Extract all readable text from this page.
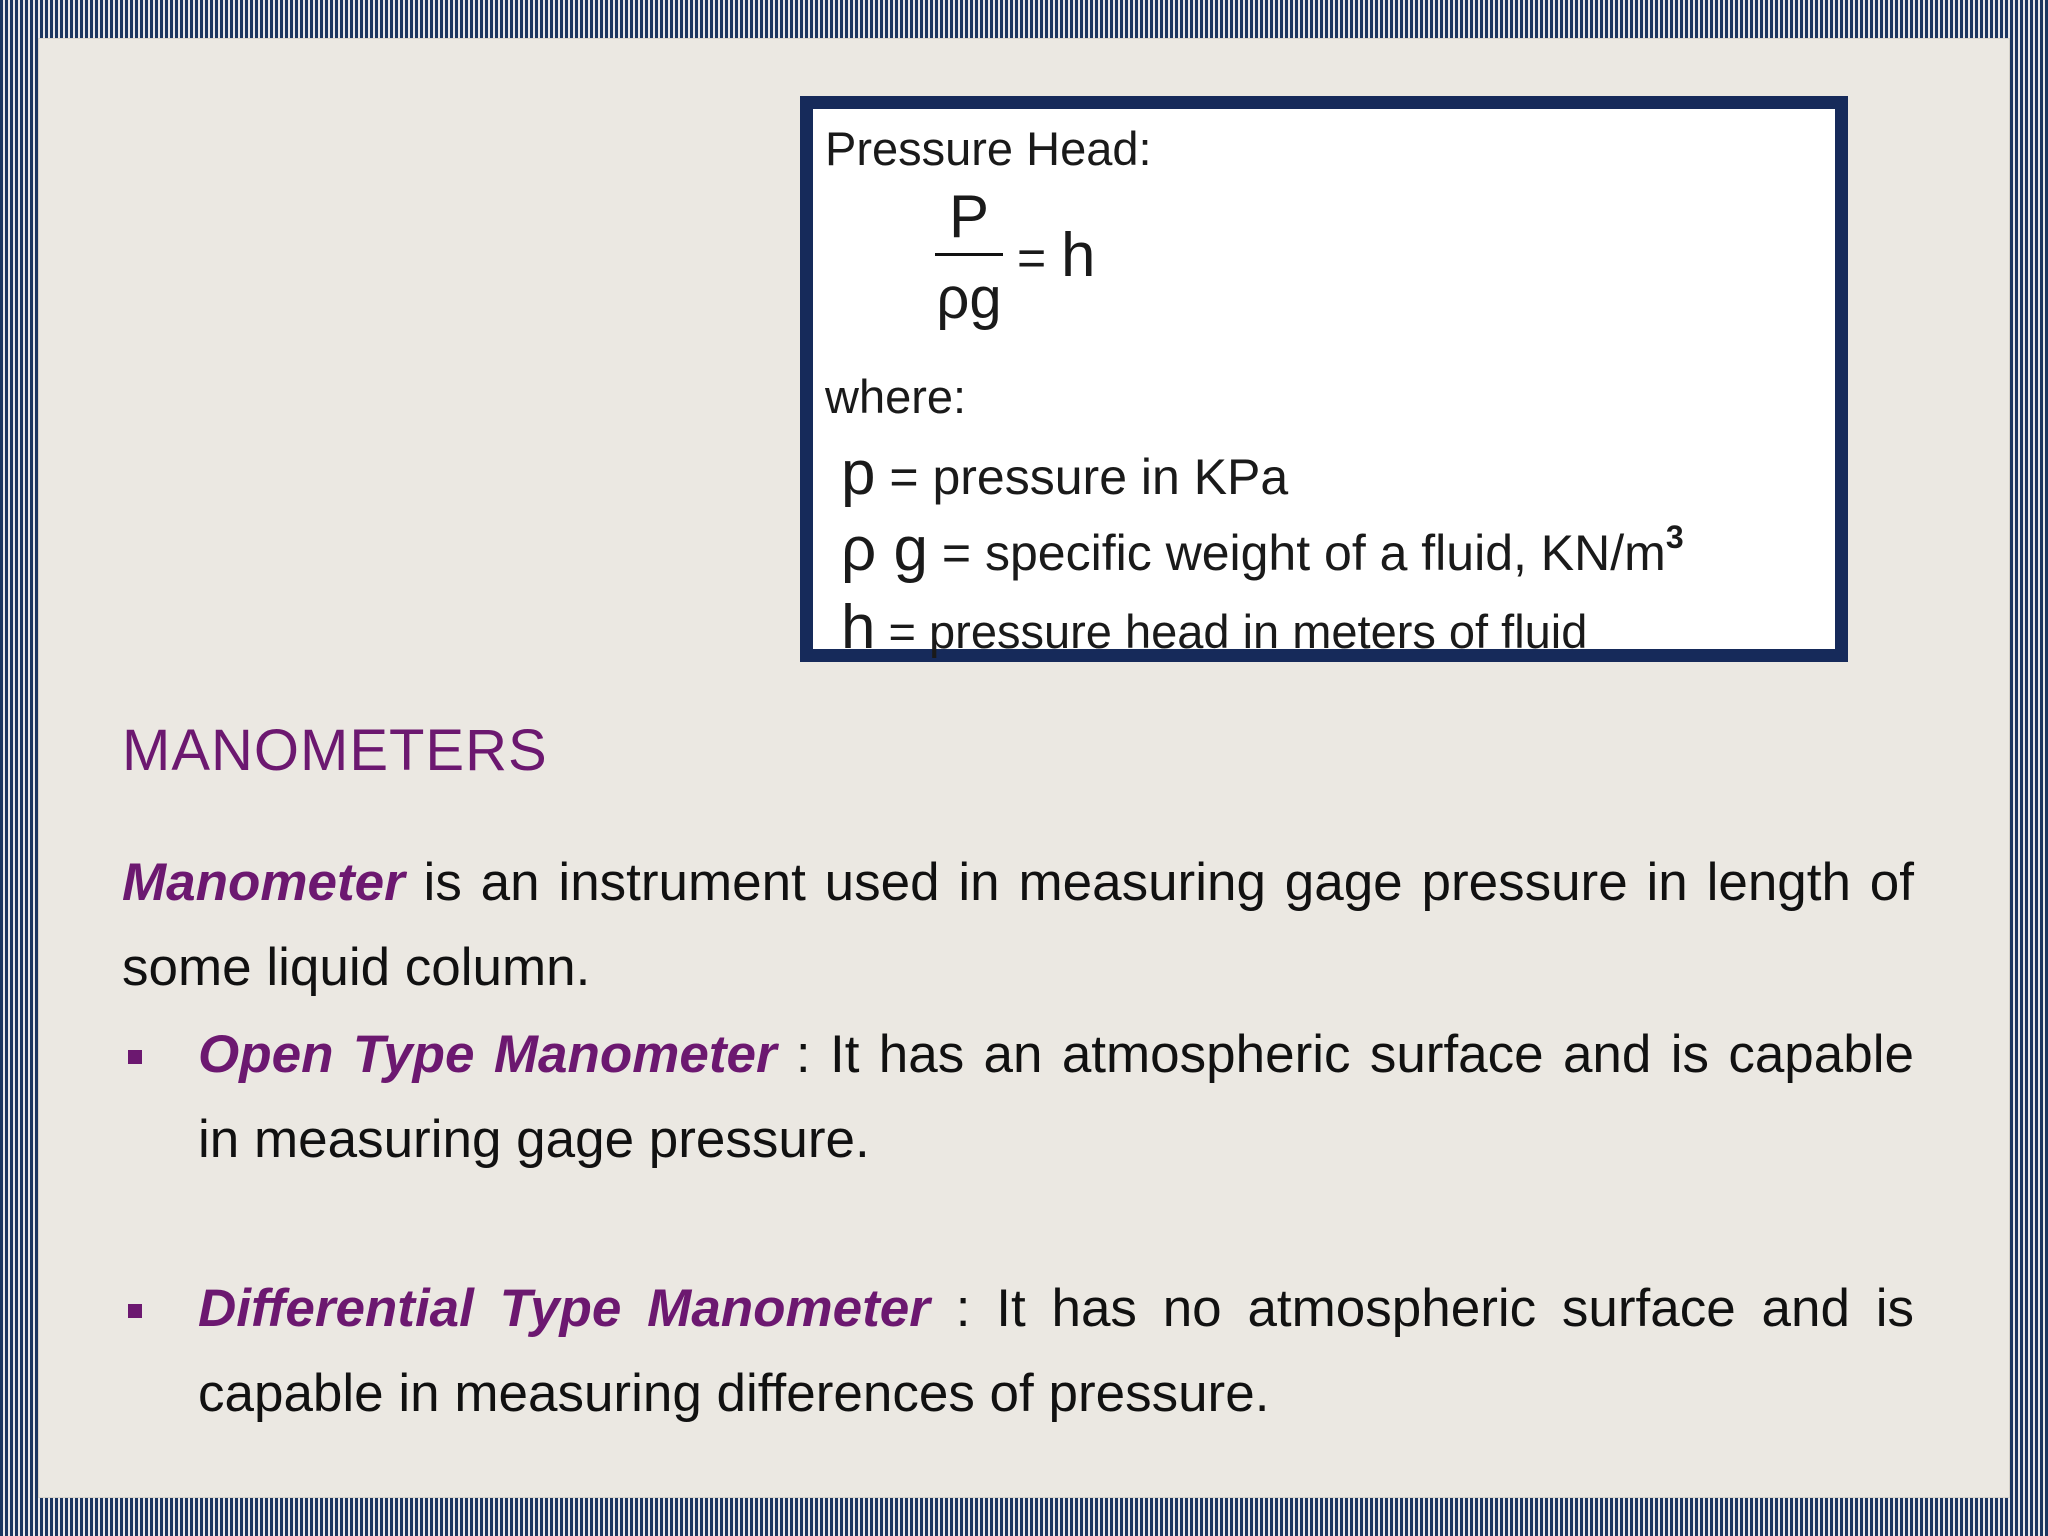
Pressure Head:
P
ρg
= h
where:
p = pressure in KPa
ρ g = specific weight of a fluid, $KN/m^3$
h = pressure head in meters of fluid
MANOMETERS
Manometer is an instrument used in measuring gage pressure in length of some liquid column.
Open Type Manometer : It has an atmospheric surface and is capable in measuring gage pressure.
Differential Type Manometer : It has no atmospheric surface and is capable in measuring differences of pressure.
